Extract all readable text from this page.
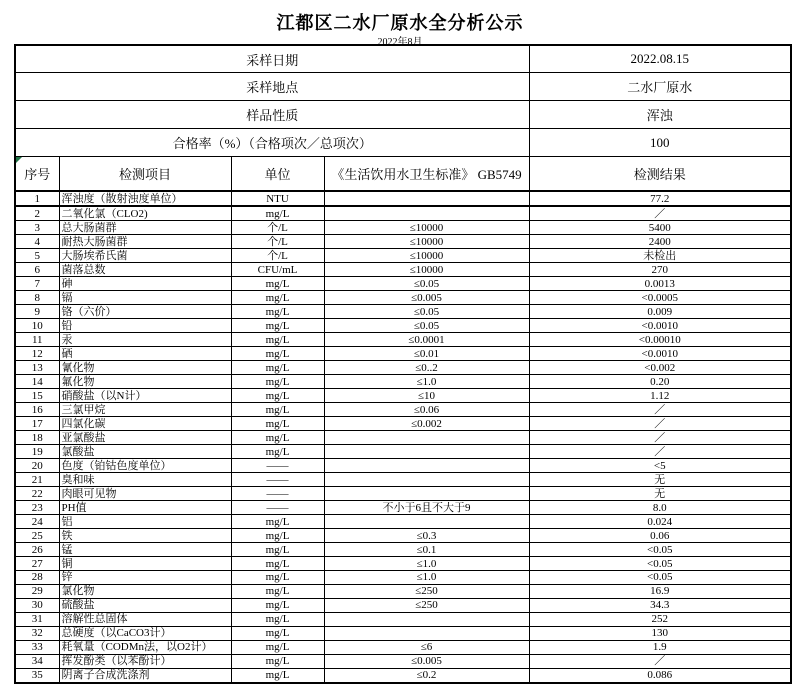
江都区二水厂原水全分析公示
2022年8月
采样日期				2022.08.15
采样地点				二水厂原水
样品性质				浑浊
合格率（%）（合格项次／总项次）				100

序号	检测项目	单位	《生活饮用水卫生标准》 GB5749	检测结果
1	浑浊度（散射浊度单位）	NTU		77.2
2	二氧化氯（CLO2)	mg/L		／
3	总大肠菌群	个/L	≤10000	5400
4	耐热大肠菌群	个/L	≤10000	2400
5	大肠埃希氏菌	个/L	≤10000	未检出
6	菌落总数	CFU/mL	≤10000	270
7	砷	mg/L	≤0.05	0.0013
8	镉	mg/L	≤0.005	<0.0005
9	铬（六价）	mg/L	≤0.05	0.009
10	铅	mg/L	≤0.05	<0.0010
11	汞	mg/L	≤0.0001	<0.00010
12	硒	mg/L	≤0.01	<0.0010
13	氰化物	mg/L	≤0..2	<0.002
14	氟化物	mg/L	≤1.0	0.20
15	硝酸盐（以N计）	mg/L	≤10	1.12
16	三氯甲烷	mg/L	≤0.06	／
17	四氯化碳	mg/L	≤0.002	／
18	亚氯酸盐	mg/L		／
19	氯酸盐	mg/L		／
20	色度（铂钴色度单位）	——		<5
21	臭和味	——		无
22	肉眼可见物	——		无
23	PH值	——	不小于6且不大于9	8.0
24	铝	mg/L		0.024
25	铁	mg/L	≤0.3	0.06
26	锰	mg/L	≤0.1	<0.05
27	铜	mg/L	≤1.0	<0.05
28	锌	mg/L	≤1.0	<0.05
29	氯化物	mg/L	≤250	16.9
30	硫酸盐	mg/L	≤250	34.3
31	溶解性总固体	mg/L		252
32	总硬度（以CaCO3计）	mg/L		130
33	耗氧量（CODMn法，以O2计）	mg/L	≤6	1.9
34	挥发酚类（以苯酚计）	mg/L	≤0.005	／
35	阴离子合成洗涤剂	mg/L	≤0.2	0.086
